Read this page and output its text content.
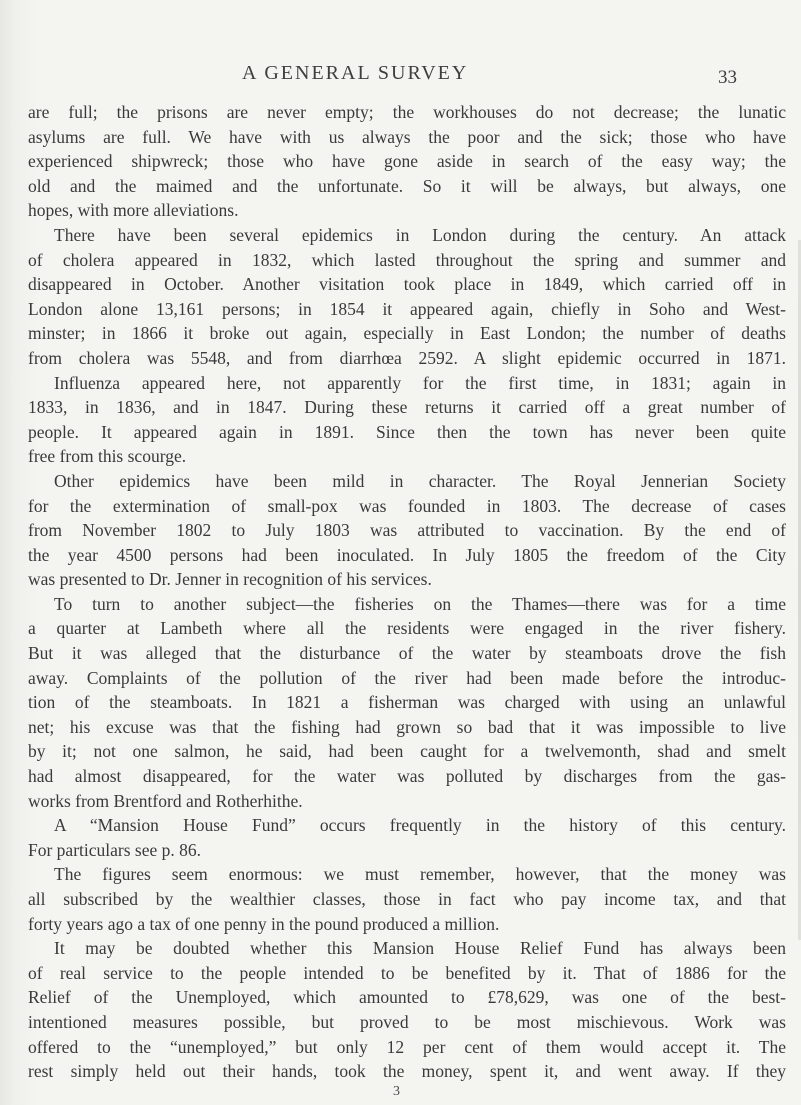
A GENERAL SURVEY	33
are full; the prisons are never empty; the workhouses do not decrease; the lunatic
asylums are full. We have with us always the poor and the sick; those who have
experienced shipwreck; those who have gone aside in search of the easy way; the
old and the maimed and the unfortunate. So it will be always, but always, one
hopes, with more alleviations.
There have been several epidemics in London during the century. An attack
of cholera appeared in 1832, which lasted throughout the spring and summer and
disappeared in October. Another visitation took place in 1849, which carried off in
London alone 13,161 persons; in 1854 it appeared again, chiefly in Soho and West-
minster; in 1866 it broke out again, especially in East London; the number of deaths
from cholera was 5548, and from diarrhœa 2592. A slight epidemic occurred in 1871.
Influenza appeared here, not apparently for the first time, in 1831; again in
1833, in 1836, and in 1847. During these returns it carried off a great number of
people. It appeared again in 1891. Since then the town has never been quite
free from this scourge.
Other epidemics have been mild in character. The Royal Jennerian Society
for the extermination of small-pox was founded in 1803. The decrease of cases
from November 1802 to July 1803 was attributed to vaccination. By the end of
the year 4500 persons had been inoculated. In July 1805 the freedom of the City
was presented to Dr. Jenner in recognition of his services.
To turn to another subject—the fisheries on the Thames—there was for a time
a quarter at Lambeth where all the residents were engaged in the river fishery.
But it was alleged that the disturbance of the water by steamboats drove the fish
away. Complaints of the pollution of the river had been made before the introduc-
tion of the steamboats. In 1821 a fisherman was charged with using an unlawful
net; his excuse was that the fishing had grown so bad that it was impossible to live
by it; not one salmon, he said, had been caught for a twelvemonth, shad and smelt
had almost disappeared, for the water was polluted by discharges from the gas-
works from Brentford and Rotherhithe.
A “Mansion House Fund” occurs frequently in the history of this century.
For particulars see p. 86.
The figures seem enormous: we must remember, however, that the money was
all subscribed by the wealthier classes, those in fact who pay income tax, and that
forty years ago a tax of one penny in the pound produced a million.
It may be doubted whether this Mansion House Relief Fund has always been
of real service to the people intended to be benefited by it. That of 1886 for the
Relief of the Unemployed, which amounted to £78,629, was one of the best-
intentioned measures possible, but proved to be most mischievous. Work was
offered to the “unemployed,” but only 12 per cent of them would accept it. The
rest simply held out their hands, took the money, spent it, and went away. If they
3
